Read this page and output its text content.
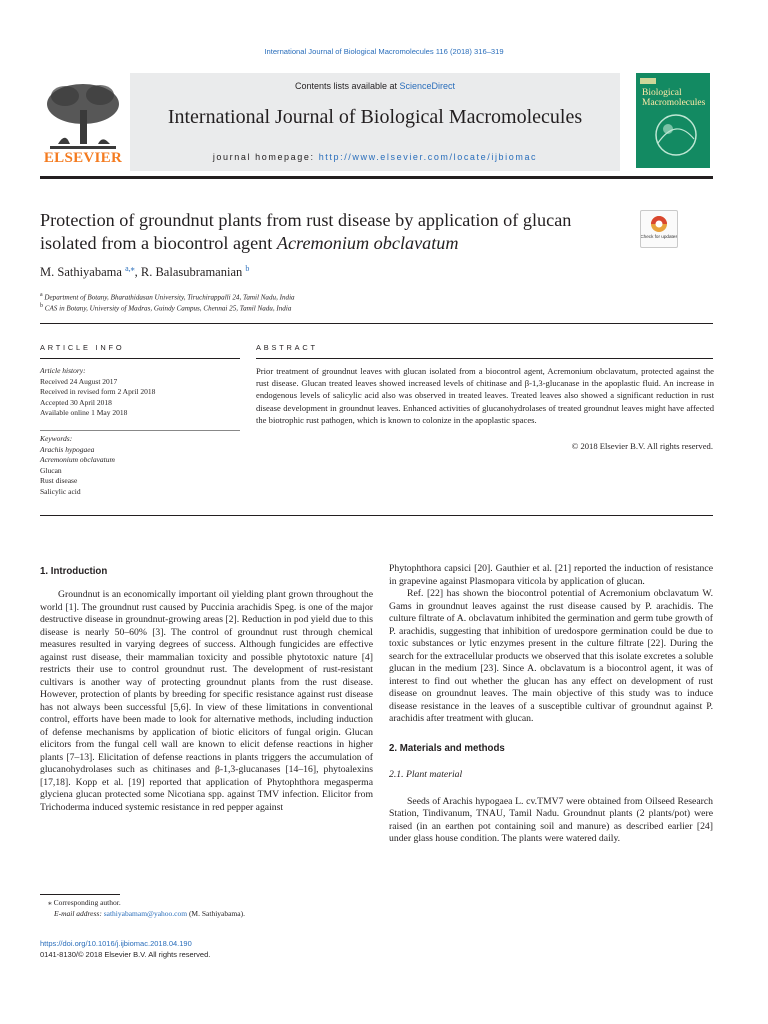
International Journal of Biological Macromolecules 116 (2018) 316–319
ELSEVIER
Contents lists available at ScienceDirect
International Journal of Biological Macromolecules
journal homepage: http://www.elsevier.com/locate/ijbiomac
Biological Macromolecules
Protection of groundnut plants from rust disease by application of glucan
isolated from a biocontrol agent Acremonium obclavatum	Check for updates
M. Sathiyabama $^{a,⁎}$, R. Balasubramanian $^b$
$^a$ Department of Botany, Bharathidasan University, Tiruchirappalli 24, Tamil Nadu, India
$^b$ CAS in Botany, University of Madras, Guindy Campus, Chennai 25, Tamil Nadu, India
ARTICLE INFO
Article history:
Received 24 August 2017
Received in revised form 2 April 2018
Accepted 30 April 2018
Available online 1 May 2018
Keywords:
Arachis hypogaea
Acremonium obclavatum
Glucan
Rust disease
Salicylic acid
ABSTRACT
Prior treatment of groundnut leaves with glucan isolated from a biocontrol agent, Acremonium obclavatum, protected against the rust disease. Glucan treated leaves showed increased levels of chitinase and β-1,3-glucanase in the apoplastic fluid. An increase in endogenous levels of salicylic acid also was observed in treated leaves. Treated leaves also showed a significant reduction in rust disease development in groundnut leaves. Enhanced activities of glucanohydrolases of treated groundnut leaves might have affected the biotrophic rust pathogen, which is known to colonize in the apoplastic spaces.
© 2018 Elsevier B.V. All rights reserved.
1. Introduction

Groundnut is an economically important oil yielding plant grown throughout the world [1]. The groundnut rust caused by Puccinia arachidis Speg. is one of the major destructive disease in groundnut-growing areas [2]. Reduction in pod yield due to this disease is nearly 50–60% [3]. The control of groundnut rust through chemical measures resulted in varying degrees of success. Although fungicides are effective against rust disease, their mammalian toxicity and possible phytotoxic nature [4] restricts their use to control groundnut rust. The development of rust-resistant cultivars is another way of protecting groundnut plants from the rust disease. However, protection of plants by breeding for specific resistance against rust disease has not always been successful [5,6]. In view of these limitations in conventional control, efforts have been made to look for alternative methods, including induction of defense mechanisms by application of biotic elicitors of fungal origin. Glucan elicitors from the fungal cell wall are known to elicit defense reactions in higher plants [7–13]. Elicitation of defense reactions in plants triggers the accumulation of glucanohydrolases such as chitinases and β-1,3-glucanases [14–16], phytoalexins [17,18]. Kopp et al. [19] reported that application of Phytophthora megasperma glyciena glucan protected some Nicotiana spp. against TMV infection. Elicitor from Trichoderma induced systemic resistance in red pepper against

Phytophthora capsici [20]. Gauthier et al. [21] reported the induction of resistance in grapevine against Plasmopara viticola by application of glucan.

Ref. [22] has shown the biocontrol potential of Acremonium obclavatum W. Gams in groundnut leaves against the rust disease caused by P. arachidis. The culture filtrate of A. obclavatum inhibited the germination and germ tube growth of P. arachidis, suggesting that inhibition of uredospore germination could be due to toxic substances or lytic enzymes present in the culture filtrate [22]. During the search for the extracellular products we observed that this isolate excretes a soluble glucan in the medium [23]. Since A. obclavatum is a biocontrol agent, it was of interest to find out whether the glucan has any effect on development of rust disease on groundnut leaves. The main objective of this study was to induce disease resistance in the leaves of a susceptible cultivar of groundnut against P. arachidis after treatment with glucan.

2. Materials and methods
2.1. Plant material

Seeds of Arachis hypogaea L. cv.TMV7 were obtained from Oilseed Research Station, Tindivanum, TNAU, Tamil Nadu. Groundnut plants (2 plants/pot) were raised (in an earthen pot containing soil and manure) as described earlier [24] under glass house condition. The plants were watered daily.

⁎ Corresponding author.
E-mail address: sathiyabamam@yahoo.com (M. Sathiyabama).
https://doi.org/10.1016/j.ijbiomac.2018.04.190
0141-8130/© 2018 Elsevier B.V. All rights reserved.
